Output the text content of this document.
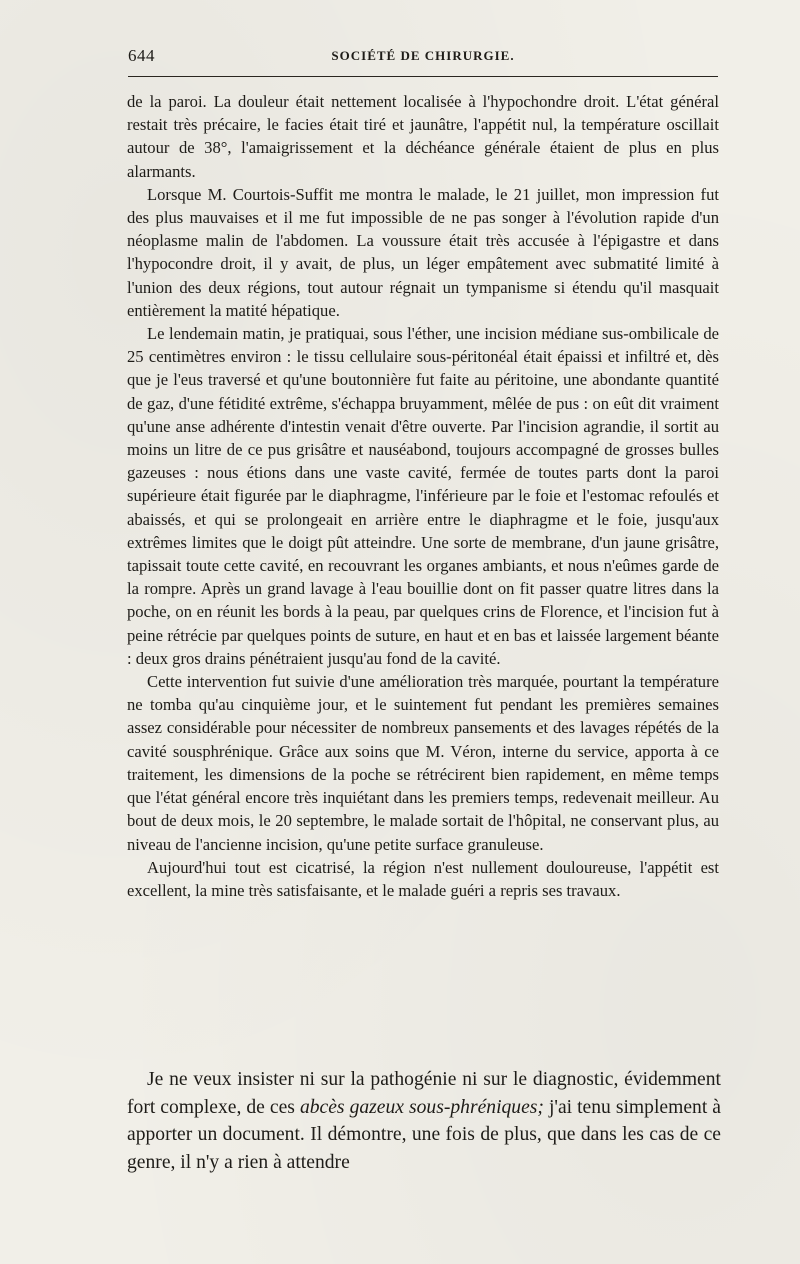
644	SOCIÉTÉ DE CHIRURGIE.

de la paroi. La douleur était nettement localisée à l'hypochondre droit. L'état général restait très précaire, le facies était tiré et jaunâtre, l'appétit nul, la température oscillait autour de 38°, l'amaigrissement et la déchéance générale étaient de plus en plus alarmants.

Lorsque M. Courtois-Suffit me montra le malade, le 21 juillet, mon impression fut des plus mauvaises et il me fut impossible de ne pas songer à l'évolution rapide d'un néoplasme malin de l'abdomen. La voussure était très accusée à l'épigastre et dans l'hypocondre droit, il y avait, de plus, un léger empâtement avec submatité limité à l'union des deux régions, tout autour régnait un tympanisme si étendu qu'il masquait entièrement la matité hépatique.

Le lendemain matin, je pratiquai, sous l'éther, une incision médiane sus-ombilicale de 25 centimètres environ : le tissu cellulaire sous-péritonéal était épaissi et infiltré et, dès que je l'eus traversé et qu'une boutonnière fut faite au péritoine, une abondante quantité de gaz, d'une fétidité extrême, s'échappa bruyamment, mêlée de pus : on eût dit vraiment qu'une anse adhérente d'intestin venait d'être ouverte. Par l'incision agrandie, il sortit au moins un litre de ce pus grisâtre et nauséabond, toujours accompagné de grosses bulles gazeuses : nous étions dans une vaste cavité, fermée de toutes parts dont la paroi supérieure était figurée par le diaphragme, l'inférieure par le foie et l'estomac refoulés et abaissés, et qui se prolongeait en arrière entre le diaphragme et le foie, jusqu'aux extrêmes limites que le doigt pût atteindre. Une sorte de membrane, d'un jaune grisâtre, tapissait toute cette cavité, en recouvrant les organes ambiants, et nous n'eûmes garde de la rompre. Après un grand lavage à l'eau bouillie dont on fit passer quatre litres dans la poche, on en réunit les bords à la peau, par quelques crins de Florence, et l'incision fut à peine rétrécie par quelques points de suture, en haut et en bas et laissée largement béante : deux gros drains pénétraient jusqu'au fond de la cavité.

Cette intervention fut suivie d'une amélioration très marquée, pourtant la température ne tomba qu'au cinquième jour, et le suintement fut pendant les premières semaines assez considérable pour nécessiter de nombreux pansements et des lavages répétés de la cavité sousphrénique. Grâce aux soins que M. Véron, interne du service, apporta à ce traitement, les dimensions de la poche se rétrécirent bien rapidement, en même temps que l'état général encore très inquiétant dans les premiers temps, redevenait meilleur. Au bout de deux mois, le 20 septembre, le malade sortait de l'hôpital, ne conservant plus, au niveau de l'ancienne incision, qu'une petite surface granuleuse.

Aujourd'hui tout est cicatrisé, la région n'est nullement douloureuse, l'appétit est excellent, la mine très satisfaisante, et le malade guéri a repris ses travaux.

Je ne veux insister ni sur la pathogénie ni sur le diagnostic, évidemment fort complexe, de ces abcès gazeux sous-phréniques; j'ai tenu simplement à apporter un document. Il démontre, une fois de plus, que dans les cas de ce genre, il n'y a rien à attendre
